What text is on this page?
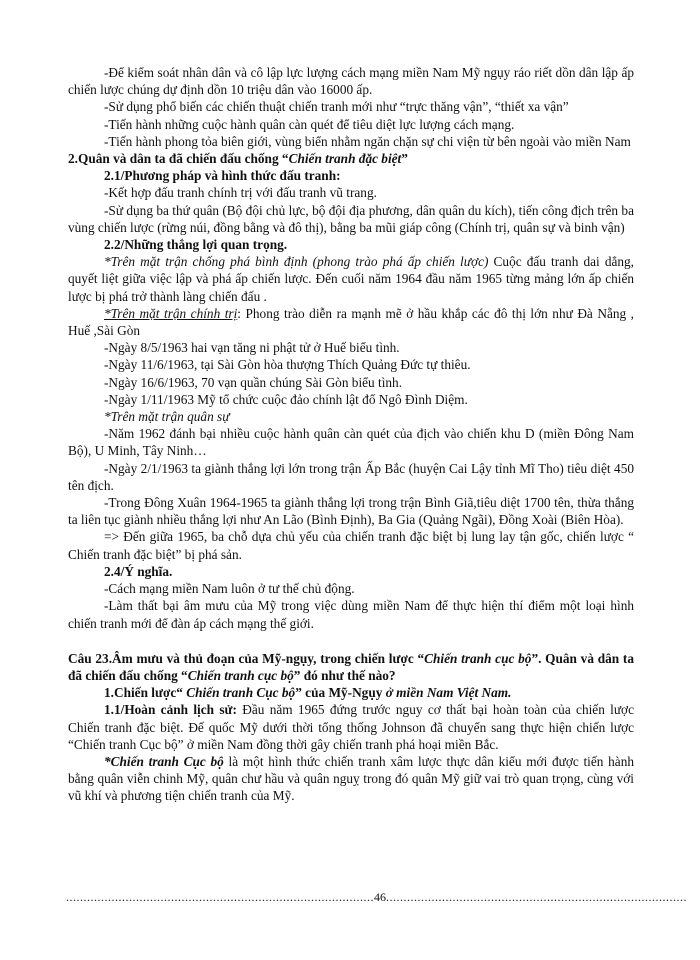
-Để kiểm soát nhân dân và cô lập lực lượng cách mạng miền Nam Mỹ ngụy ráo riết dồn dân lập ấp chiến lược chúng dự định dồn 10 triệu dân vào 16000 ấp.

-Sử dụng phổ biến các chiến thuật chiến tranh mới như “trực thăng vận”, “thiết xa vận”

-Tiến hành những cuộc hành quân càn quét để tiêu diệt lực lượng cách mạng.

-Tiến hành phong tỏa biên giới, vùng biển nhằm ngăn chặn sự chi viện từ bên ngoài vào miền Nam

2.Quân và dân ta đã chiến đấu chống “Chiến tranh đặc biệt”

2.1/Phương pháp và hình thức đấu tranh:

-Kết hợp đấu tranh chính trị với đấu tranh vũ trang.

-Sử dụng ba thứ quân (Bộ đội chủ lực, bộ đội địa phương, dân quân du kích), tiến công địch trên ba vùng chiến lược (rừng núi, đồng bằng và đô thị), bằng ba mũi giáp công (Chính trị, quân sự và binh vận)

2.2/Những thắng lợi quan trọng.

*Trên mặt trận chống phá bình định (phong trào phá ấp chiến lược) Cuộc đấu tranh dai dẳng, quyết liệt giữa việc lập và phá ấp chiến lược. Đến cuối năm 1964 đầu năm 1965 từng mảng lớn ấp chiến lược bị phá trở thành làng chiến đấu .

*Trên mặt trận chính trị: Phong trào diễn ra mạnh mẽ ở hầu khắp các đô thị lớn như Đà Nẵng , Huế ,Sài Gòn

-Ngày 8/5/1963 hai vạn tăng ni phật tử ở Huế biểu tình.

-Ngày 11/6/1963, tại Sài Gòn hòa thượng Thích Quảng Đức tự thiêu.

-Ngày 16/6/1963, 70 vạn quần chúng Sài Gòn biểu tình.

-Ngày 1/11/1963 Mỹ tổ chức cuộc đảo chính lật đổ Ngô Đình Diệm.

*Trên mặt trận quân sự

-Năm 1962 đánh bại nhiều cuộc hành quân càn quét của địch vào chiến khu D (miền Đông Nam Bộ), U Minh, Tây Ninh…

-Ngày 2/1/1963 ta giành thắng lợi lớn trong trận Ấp Bắc (huyện Cai Lậy tỉnh Mĩ Tho) tiêu diệt 450 tên địch.

-Trong Đông Xuân 1964-1965 ta giành thắng lợi trong trận Bình Giã,tiêu diệt 1700 tên, thừa thắng ta liên tục giành nhiều thắng lợi như An Lão (Bình Định), Ba Gia (Quảng Ngãi), Đồng Xoài (Biên Hòa).

=> Đến giữa 1965, ba chỗ dựa chủ yếu của chiến tranh đặc biệt bị lung lay tận gốc, chiến lược “ Chiến tranh đặc biệt” bị phá sản.

2.4/Ý nghĩa.

-Cách mạng miền Nam luôn ở tư thế chủ động.

-Làm thất bại âm mưu của Mỹ trong việc dùng miền Nam để thực hiện thí điểm một loại hình chiến tranh mới để đàn áp cách mạng thế giới.

Câu 23.Âm mưu và thủ đoạn của Mỹ-ngụy, trong chiến lược “Chiến tranh cục bộ”. Quân và dân ta đã chiến đấu chống “Chiến tranh cục bộ” đó như thế nào?

1.Chiến lược“ Chiến tranh Cục bộ” của Mỹ-Ngụy ở miền Nam Việt Nam.

1.1/Hoàn cảnh lịch sử: Đầu năm 1965 đứng trước nguy cơ thất bại hoàn toàn của chiến lược Chiến tranh đặc biệt. Đế quốc Mỹ dưới thời tổng thống Johnson đã chuyển sang thực hiện chiến lược “Chiến tranh Cục bộ” ở miền Nam đồng thời gây chiến tranh phá hoại miền Bắc.

*Chiến tranh Cục bộ là một hình thức chiến tranh xâm lược thực dân kiểu mới được tiến hành bằng quân viễn chinh Mỹ, quân chư hầu và quân nguỵ trong đó quân Mỹ giữ vai trò quan trọng, cùng với vũ khí và phương tiện chiến tranh của Mỹ.

........................................................................................46......................................................................................
